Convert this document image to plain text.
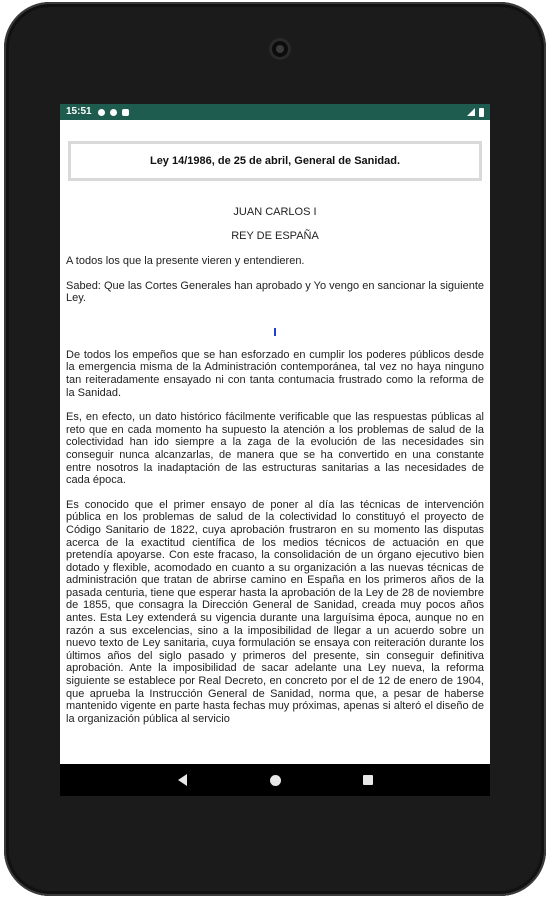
15:51
Ley 14/1986, de 25 de abril, General de Sanidad.
JUAN CARLOS I
REY DE ESPAÑA

A todos los que la presente vieren y entendieren.

Sabed: Que las Cortes Generales han aprobado y Yo vengo en sancionar la siguiente Ley.

De todos los empeños que se han esforzado en cumplir los poderes públicos desde la emergencia misma de la Administración contemporánea, tal vez no haya ninguno tan reiteradamente ensayado ni con tanta contumacia frustrado como la reforma de la Sanidad.

Es, en efecto, un dato histórico fácilmente verificable que las respuestas públicas al reto que en cada momento ha supuesto la atención a los problemas de salud de la colectividad han ido siempre a la zaga de la evolución de las necesidades sin conseguir nunca alcanzarlas, de manera que se ha convertido en una constante entre nosotros la inadaptación de las estructuras sanitarias a las necesidades de cada época.

Es conocido que el primer ensayo de poner al día las técnicas de intervención pública en los problemas de salud de la colectividad lo constituyó el proyecto de Código Sanitario de 1822, cuya aprobación frustraron en su momento las disputas acerca de la exactitud científica de los medios técnicos de actuación en que pretendía apoyarse. Con este fracaso, la consolidación de un órgano ejecutivo bien dotado y flexible, acomodado en cuanto a su organización a las nuevas técnicas de administración que tratan de abrirse camino en España en los primeros años de la pasada centuria, tiene que esperar hasta la aprobación de la Ley de 28 de noviembre de 1855, que consagra la Dirección General de Sanidad, creada muy pocos años antes. Esta Ley extenderá su vigencia durante una larguísima época, aunque no en razón a sus excelencias, sino a la imposibilidad de llegar a un acuerdo sobre un nuevo texto de Ley sanitaria, cuya formulación se ensaya con reiteración durante los últimos años del siglo pasado y primeros del presente, sin conseguir definitiva aprobación. Ante la imposibilidad de sacar adelante una Ley nueva, la reforma siguiente se establece por Real Decreto, en concreto por el de 12 de enero de 1904, que aprueba la Instrucción General de Sanidad, norma que, a pesar de haberse mantenido vigente en parte hasta fechas muy próximas, apenas si alteró el diseño de la organización pública al servicio
